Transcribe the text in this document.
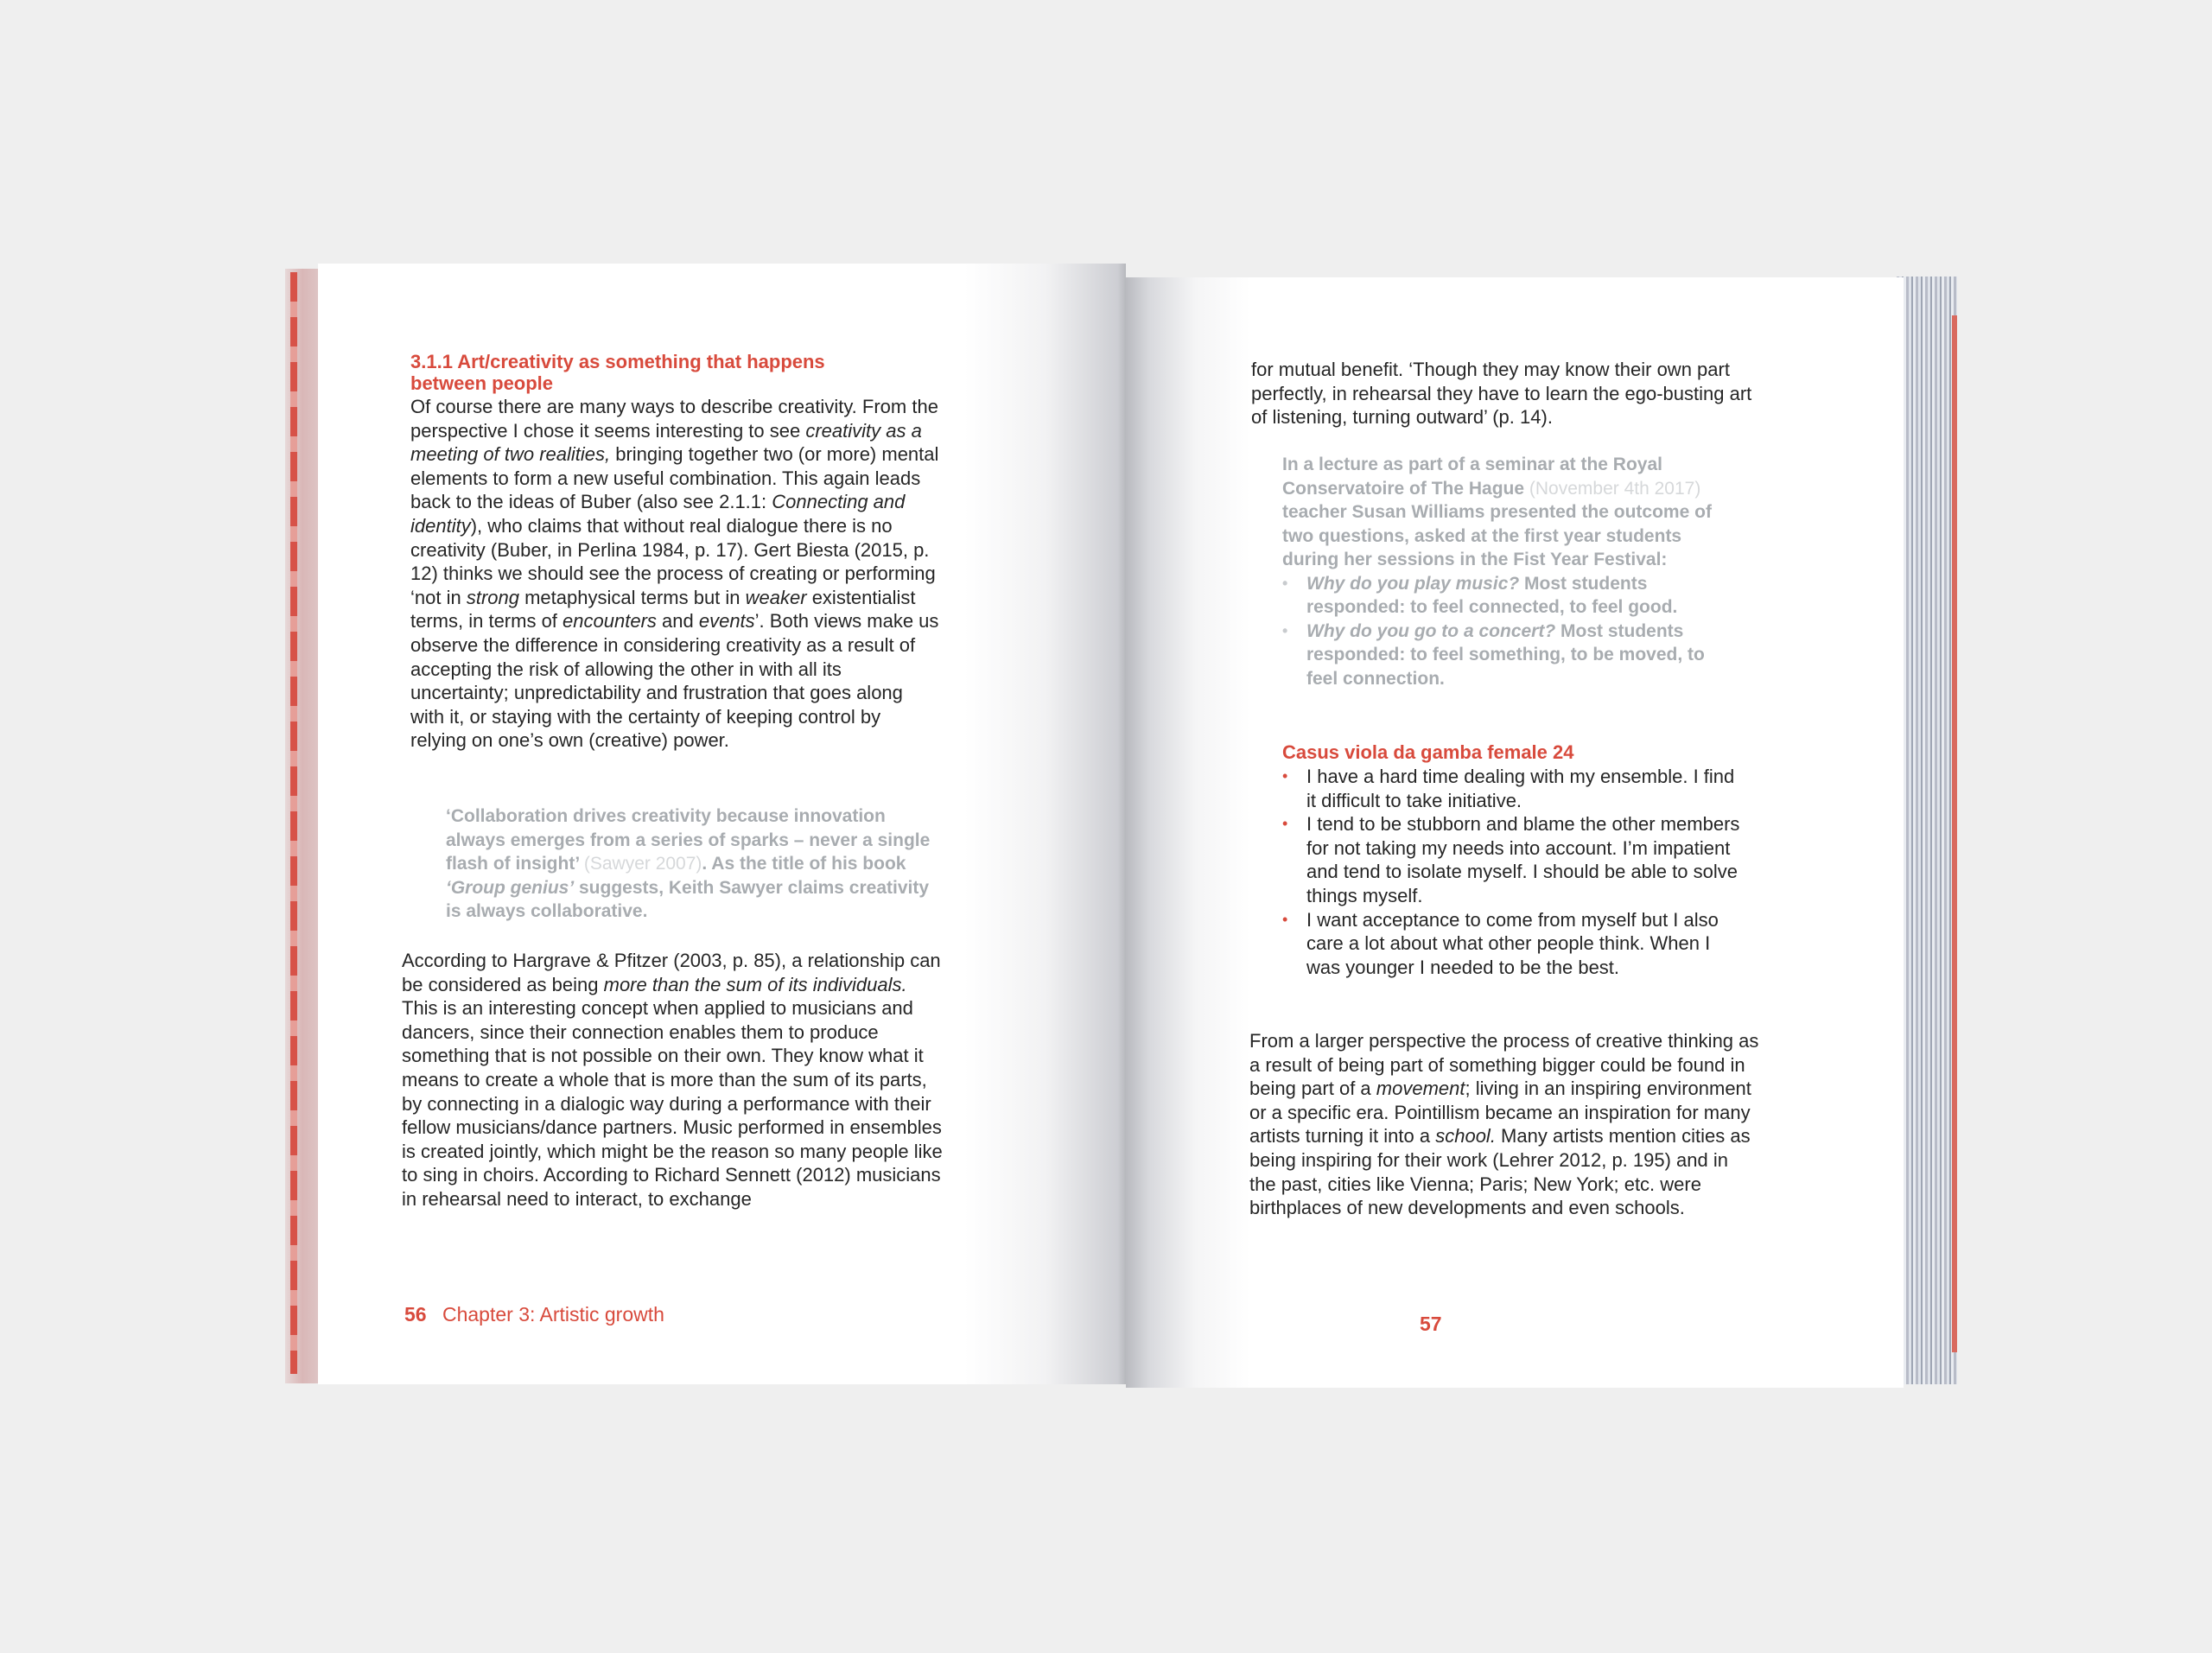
3.1.1 Art/creativity as something that happens between people
Of course there are many ways to describe creativity. From the perspective I chose it seems interesting to see creativity as a meeting of two realities, bringing together two (or more) mental elements to form a new useful combination. This again leads back to the ideas of Buber (also see 2.1.1: Connecting and identity), who claims that without real dialogue there is no creativity (Buber, in Perlina 1984, p. 17). Gert Biesta (2015, p. 12) thinks we should see the process of creating or performing ‘not in strong metaphysical terms but in weaker existentialist terms, in terms of encounters and events’. Both views make us observe the difference in considering creativity as a result of accepting the risk of allowing the other in with all its uncertainty; unpredictability and frustration that goes along with it, or staying with the certainty of keeping control by relying on one’s own (creative) power.
‘Collaboration drives creativity because innovation always emerges from a series of sparks – never a single flash of insight’ (Sawyer 2007). As the title of his book ‘Group genius’ suggests, Keith Sawyer claims creativity is always collaborative.
According to Hargrave & Pfitzer (2003, p. 85), a relationship can be considered as being more than the sum of its individuals. This is an interesting concept when applied to musicians and dancers, since their connection enables them to produce something that is not possible on their own. They know what it means to create a whole that is more than the sum of its parts, by connecting in a dialogic way during a performance with their fellow musicians/dance partners. Music performed in ensembles is created jointly, which might be the reason so many people like to sing in choirs. According to Richard Sennett (2012) musicians in rehearsal need to interact, to exchange
56 Chapter 3: Artistic growth
for mutual benefit. ‘Though they may know their own part perfectly, in rehearsal they have to learn the ego-busting art of listening, turning outward’ (p. 14).
In a lecture as part of a seminar at the Royal Conservatoire of The Hague (November 4th 2017) teacher Susan Williams presented the outcome of two questions, asked at the first year students during her sessions in the Fist Year Festival:
• Why do you play music? Most students responded: to feel connected, to feel good.
• Why do you go to a concert? Most students responded: to feel something, to be moved, to feel connection.
Casus viola da gamba female 24
• I have a hard time dealing with my ensemble. I find it difficult to take initiative.
• I tend to be stubborn and blame the other members for not taking my needs into account. I’m impatient and tend to isolate myself. I should be able to solve things myself.
• I want acceptance to come from myself but I also care a lot about what other people think. When I was younger I needed to be the best.
From a larger perspective the process of creative thinking as a result of being part of something bigger could be found in being part of a movement; living in an inspiring environment or a specific era. Pointillism became an inspiration for many artists turning it into a school. Many artists mention cities as being inspiring for their work (Lehrer 2012, p. 195) and in the past, cities like Vienna; Paris; New York; etc. were birthplaces of new developments and even schools.
57
